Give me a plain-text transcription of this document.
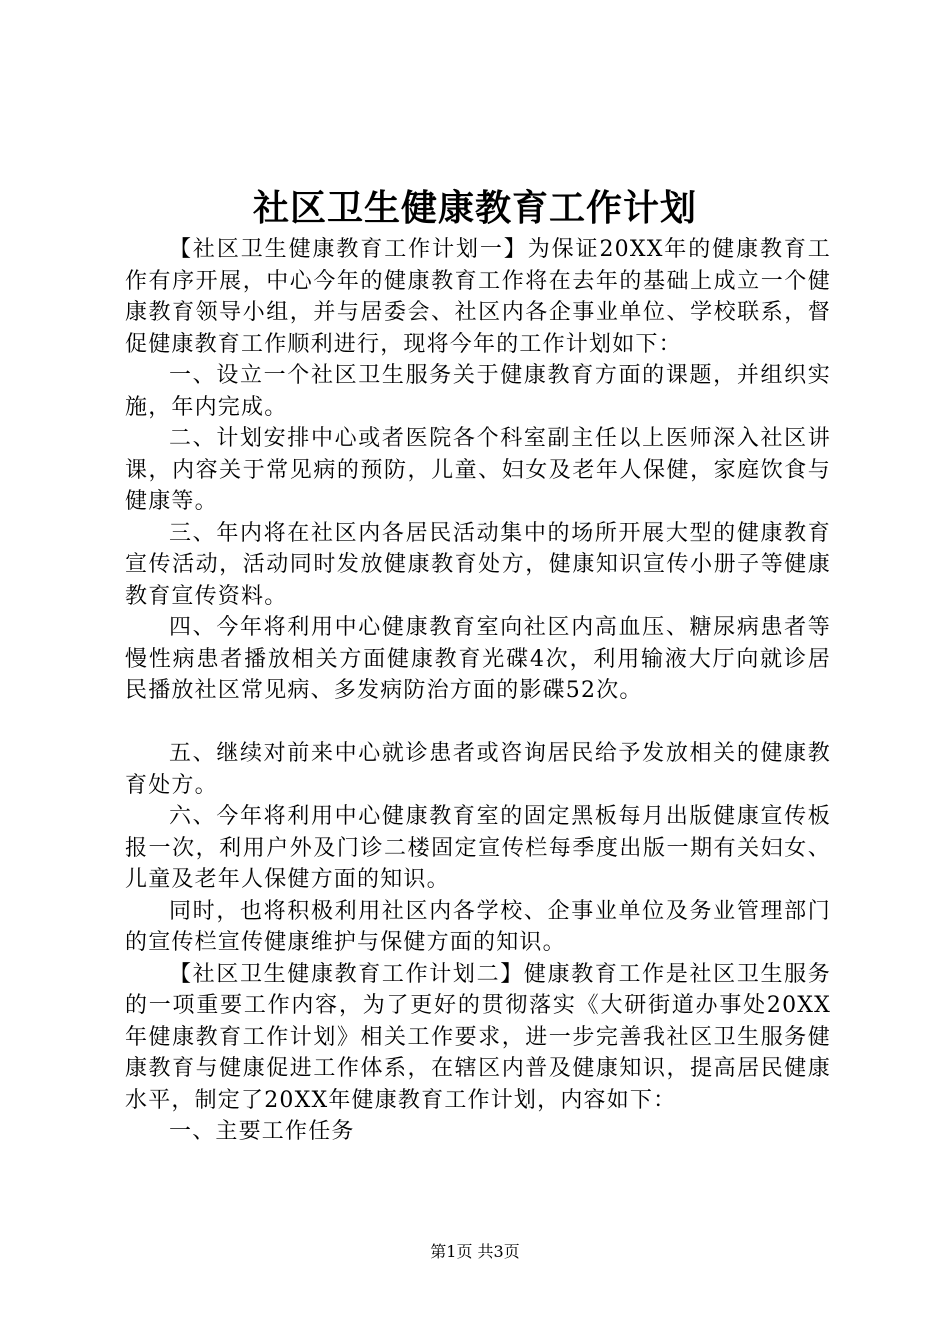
社区卫生健康教育工作计划

【社区卫生健康教育工作计划一】为保证20XX年的健康教育工作有序开展，中心今年的健康教育工作将在去年的基础上成立一个健康教育领导小组，并与居委会、社区内各企事业单位、学校联系，督促健康教育工作顺利进行，现将今年的工作计划如下：

一、设立一个社区卫生服务关于健康教育方面的课题，并组织实施，年内完成。

二、计划安排中心或者医院各个科室副主任以上医师深入社区讲课，内容关于常见病的预防，儿童、妇女及老年人保健，家庭饮食与健康等。

三、年内将在社区内各居民活动集中的场所开展大型的健康教育宣传活动，活动同时发放健康教育处方，健康知识宣传小册子等健康教育宣传资料。

四、今年将利用中心健康教育室向社区内高血压、糖尿病患者等慢性病患者播放相关方面健康教育光碟4次，利用输液大厅向就诊居民播放社区常见病、多发病防治方面的影碟52次。

五、继续对前来中心就诊患者或咨询居民给予发放相关的健康教育处方。

六、今年将利用中心健康教育室的固定黑板每月出版健康宣传板报一次，利用户外及门诊二楼固定宣传栏每季度出版一期有关妇女、儿童及老年人保健方面的知识。

同时，也将积极利用社区内各学校、企事业单位及务业管理部门的宣传栏宣传健康维护与保健方面的知识。

【社区卫生健康教育工作计划二】健康教育工作是社区卫生服务的一项重要工作内容，为了更好的贯彻落实《大研街道办事处20XX年健康教育工作计划》相关工作要求，进一步完善我社区卫生服务健康教育与健康促进工作体系，在辖区内普及健康知识，提高居民健康水平，制定了20XX年健康教育工作计划，内容如下：

一、主要工作任务

第1页 共3页
